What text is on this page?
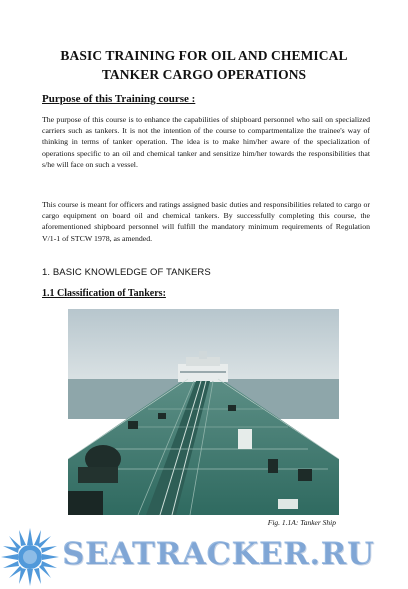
BASIC TRAINING FOR OIL AND CHEMICAL
TANKER CARGO OPERATIONS
Purpose of this Training course :

The purpose of this course is to enhance the capabilities of shipboard personnel who sail on specialized carriers such as tankers. It is not the intention of the course to compartmentalize the trainee's way of thinking in terms of tanker operation. The idea is to make him/her aware of the specialization of operations specific to an oil and chemical tanker and sensitize him/her towards the responsibilities that s/he will face on such a vessel.

This course is meant for officers and ratings assigned basic duties and responsibilities related to cargo or cargo equipment on board oil and chemical tankers. By successfully completing this course, the aforementioned shipboard personnel will fulfill the mandatory minimum requirements of Regulation V/1-1 of STCW 1978, as amended.

1. BASIC KNOWLEDGE OF TANKERS
1.1 Classification of Tankers:
Fig. 1.1A: Tanker Ship
SEATRACKER.RU
